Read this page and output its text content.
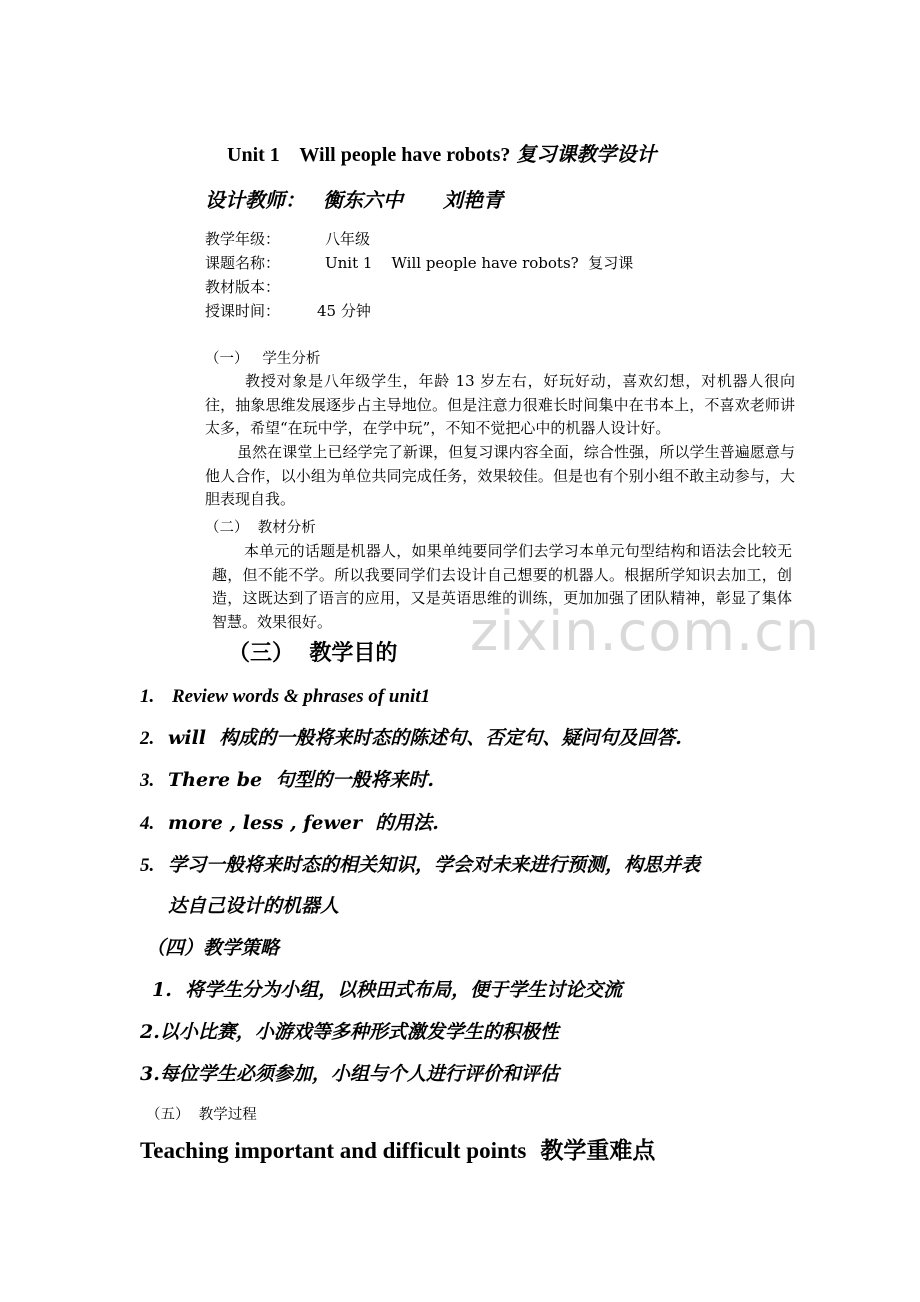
Unit 1    Will people have robots? 复习课教学设计
设计教师： 衡东六中 刘艳青
教学年级：	八年级
课题名称：	Unit 1    Will people have robots?  复习课
教材版本：
授课时间： 45 分钟
（一）   学生分析
教授对象是八年级学生，年龄 13 岁左右，好玩好动，喜欢幻想，对机器人很向往，抽象思维发展逐步占主导地位。但是注意力很难长时间集中在书本上，不喜欢老师讲太多，希望“在玩中学，在学中玩”，不知不觉把心中的机器人设计好。
虽然在课堂上已经学完了新课，但复习课内容全面，综合性强，所以学生普遍愿意与他人合作，以小组为单位共同完成任务，效果较佳。但是也有个别小组不敢主动参与，大胆表现自我。
（二）  教材分析
本单元的话题是机器人，如果单纯要同学们去学习本单元句型结构和语法会比较无趣，但不能不学。所以我要同学们去设计自己想要的机器人。根据所学知识去加工，创造，这既达到了语言的应用，又是英语思维的训练，更加加强了团队精神，彰显了集体智慧。效果很好。	zixin.com.cn
（三）  教学目的
1. Review words & phrases of unit1
2. will  构成的一般将来时态的陈述句、否定句、疑问句及回答.
3. There be  句型的一般将来时.
4. more , less , fewer  的用法.
5. 学习一般将来时态的相关知识，学会对未来进行预测，构思并表
达自己设计的机器人
（四）教学策略
1.  将学生分为小组，以秧田式布局，便于学生讨论交流
2.以小比赛，小游戏等多种形式激发学生的积极性
3.每位学生必须参加，小组与个人进行评价和评估
（五）  教学过程
Teaching important and difficult points 教学重难点
